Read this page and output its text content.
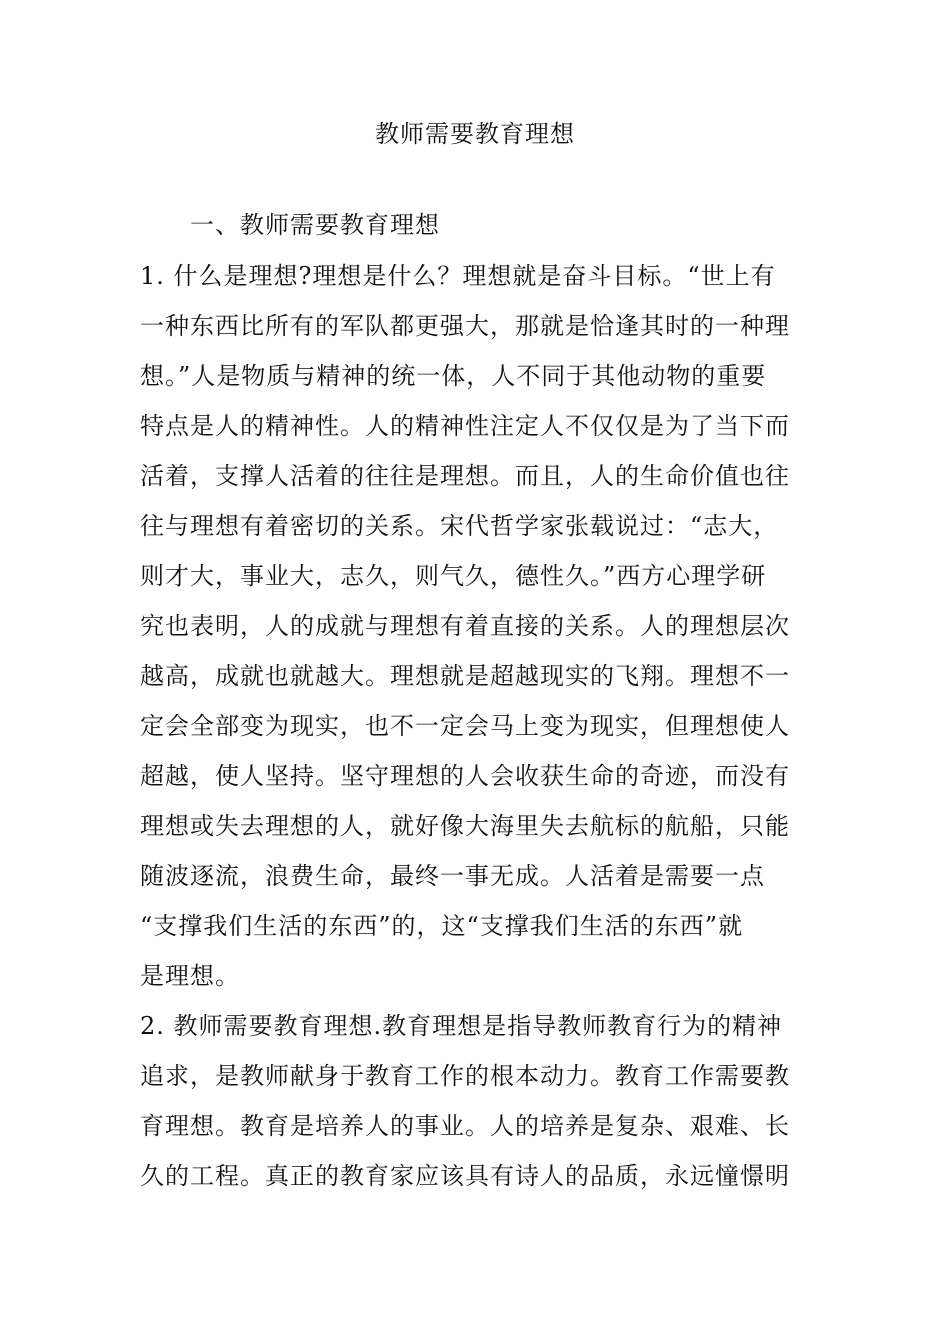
教师需要教育理想
一、教师需要教育理想
1. 什么是理想?理想是什么？理想就是奋斗目标。“世上有
一种东西比所有的军队都更强大，那就是恰逢其时的一种理
想。”人是物质与精神的统一体，人不同于其他动物的重要
特点是人的精神性。人的精神性注定人不仅仅是为了当下而
活着，支撑人活着的往往是理想。而且，人的生命价值也往
往与理想有着密切的关系。宋代哲学家张载说过：“志大，
则才大，事业大，志久，则气久，德性久。”西方心理学研
究也表明，人的成就与理想有着直接的关系。人的理想层次
越高，成就也就越大。理想就是超越现实的飞翔。理想不一
定会全部变为现实，也不一定会马上变为现实，但理想使人
超越，使人坚持。坚守理想的人会收获生命的奇迹，而没有
理想或失去理想的人，就好像大海里失去航标的航船，只能
随波逐流，浪费生命，最终一事无成。人活着是需要一点
“支撑我们生活的东西”的，这“支撑我们生活的东西”就
是理想。
2. 教师需要教育理想.教育理想是指导教师教育行为的精神
追求，是教师献身于教育工作的根本动力。教育工作需要教
育理想。教育是培养人的事业。人的培养是复杂、艰难、长
久的工程。真正的教育家应该具有诗人的品质，永远憧憬明
